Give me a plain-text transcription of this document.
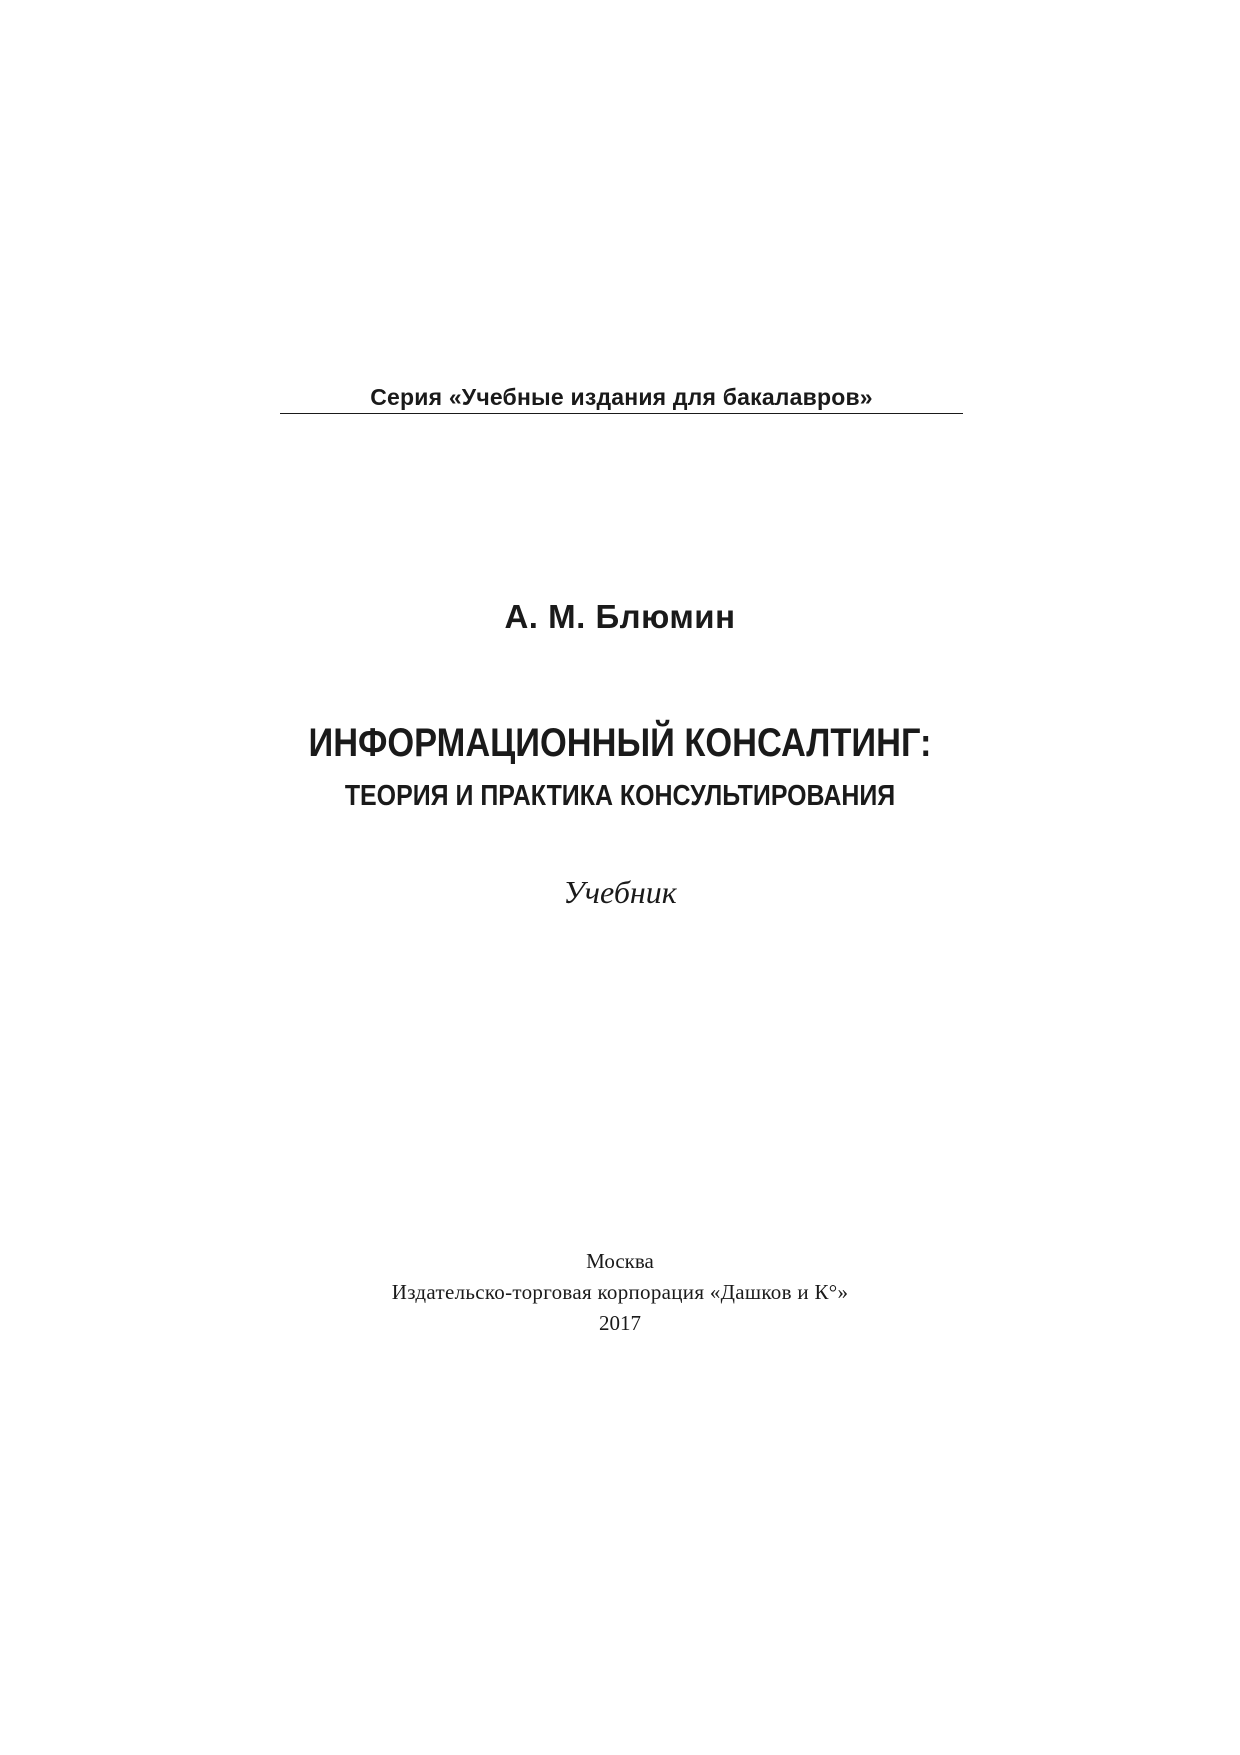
Серия «Учебные издания для бакалавров»
А. М. Блюмин
ИНФОРМАЦИОННЫЙ КОНСАЛТИНГ:
ТЕОРИЯ И ПРАКТИКА КОНСУЛЬТИРОВАНИЯ
Учебник
Москва
Издательско-торговая корпорация «Дашков и К°»
2017
